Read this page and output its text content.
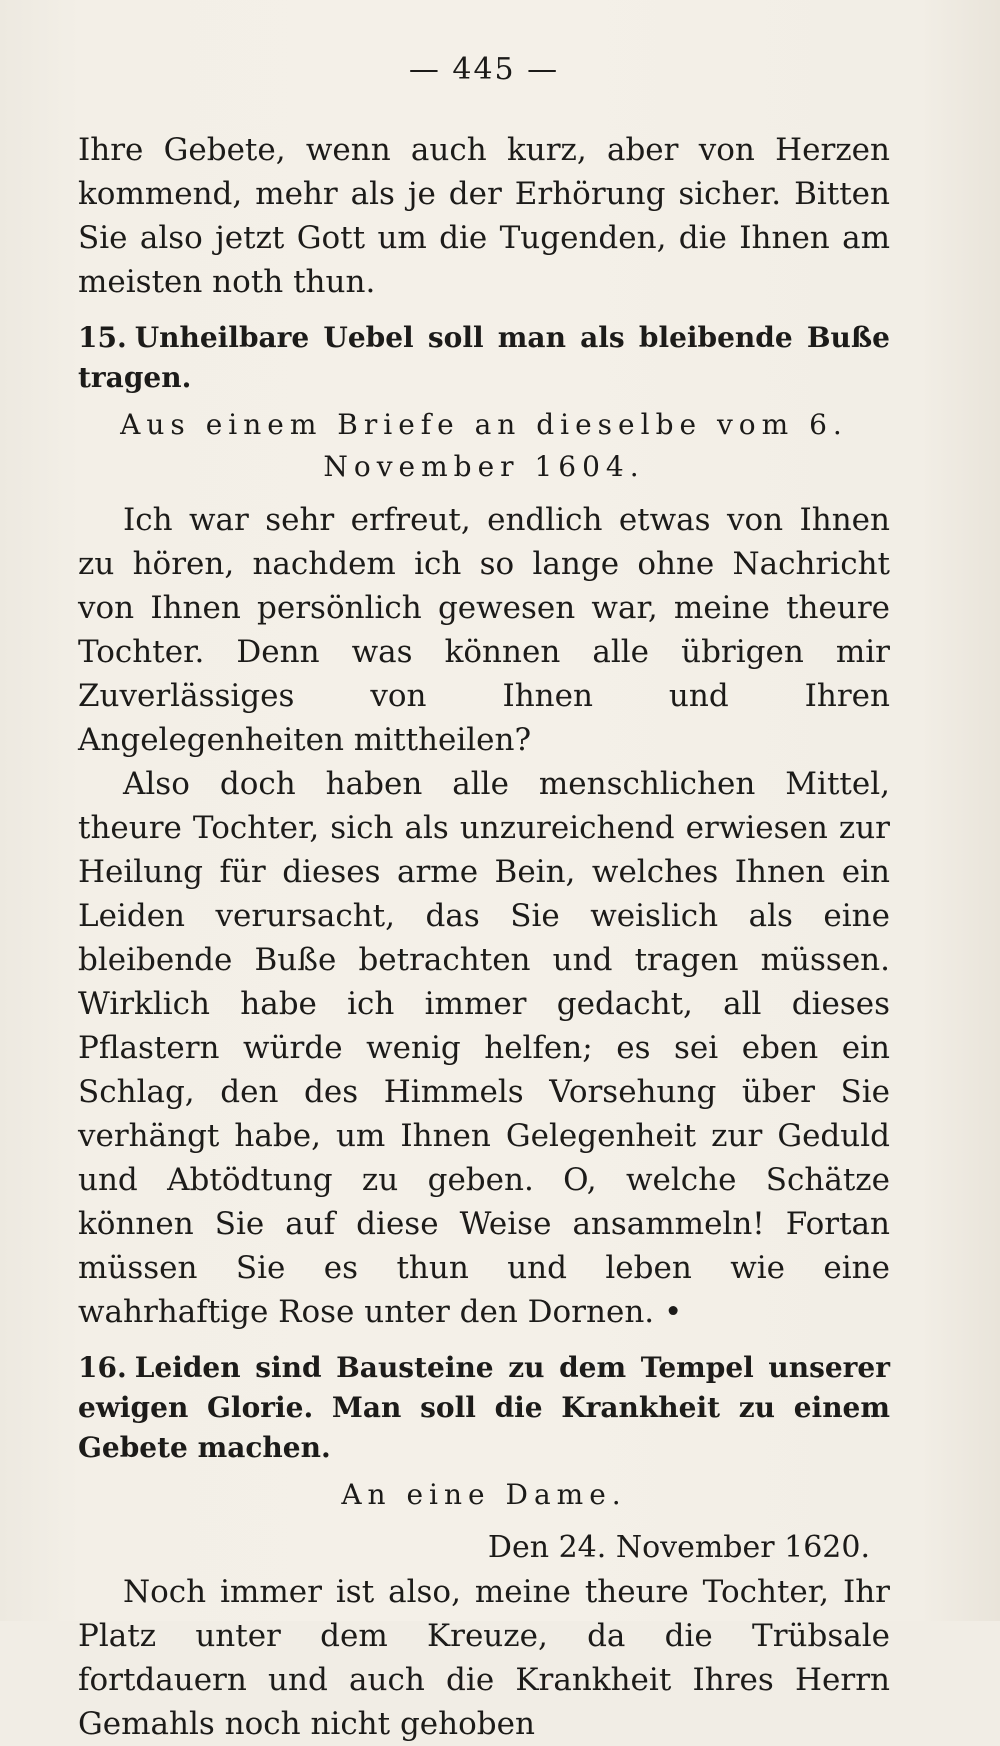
— 445 —

Ihre Gebete, wenn auch kurz, aber von Herzen kommend, mehr als je der Erhörung sicher. Bitten Sie also jetzt Gott um die Tugenden, die Ihnen am meisten noth thun.

15. Unheilbare Uebel soll man als bleibende Buße tragen.
Aus einem Briefe an dieselbe vom 6. November 1604.

Ich war sehr erfreut, endlich etwas von Ihnen zu hören, nachdem ich so lange ohne Nachricht von Ihnen persönlich gewesen war, meine theure Tochter. Denn was können alle übrigen mir Zuverlässiges von Ihnen und Ihren Angelegenheiten mittheilen?

Also doch haben alle menschlichen Mittel, theure Tochter, sich als unzureichend erwiesen zur Heilung für dieses arme Bein, welches Ihnen ein Leiden verursacht, das Sie weislich als eine bleibende Buße betrachten und tragen müssen. Wirklich habe ich immer gedacht, all dieses Pflastern würde wenig helfen; es sei eben ein Schlag, den des Himmels Vorsehung über Sie verhängt habe, um Ihnen Gelegenheit zur Geduld und Abtödtung zu geben. O, welche Schätze können Sie auf diese Weise ansammeln! Fortan müssen Sie es thun und leben wie eine wahrhaftige Rose unter den Dornen. •

16. Leiden sind Bausteine zu dem Tempel unserer ewigen Glorie. Man soll die Krankheit zu einem Gebete machen.
An eine Dame.
Den 24. November 1620.

Noch immer ist also, meine theure Tochter, Ihr Platz unter dem Kreuze, da die Trübsale fortdauern und auch die Krankheit Ihres Herrn Gemahls noch nicht gehoben
